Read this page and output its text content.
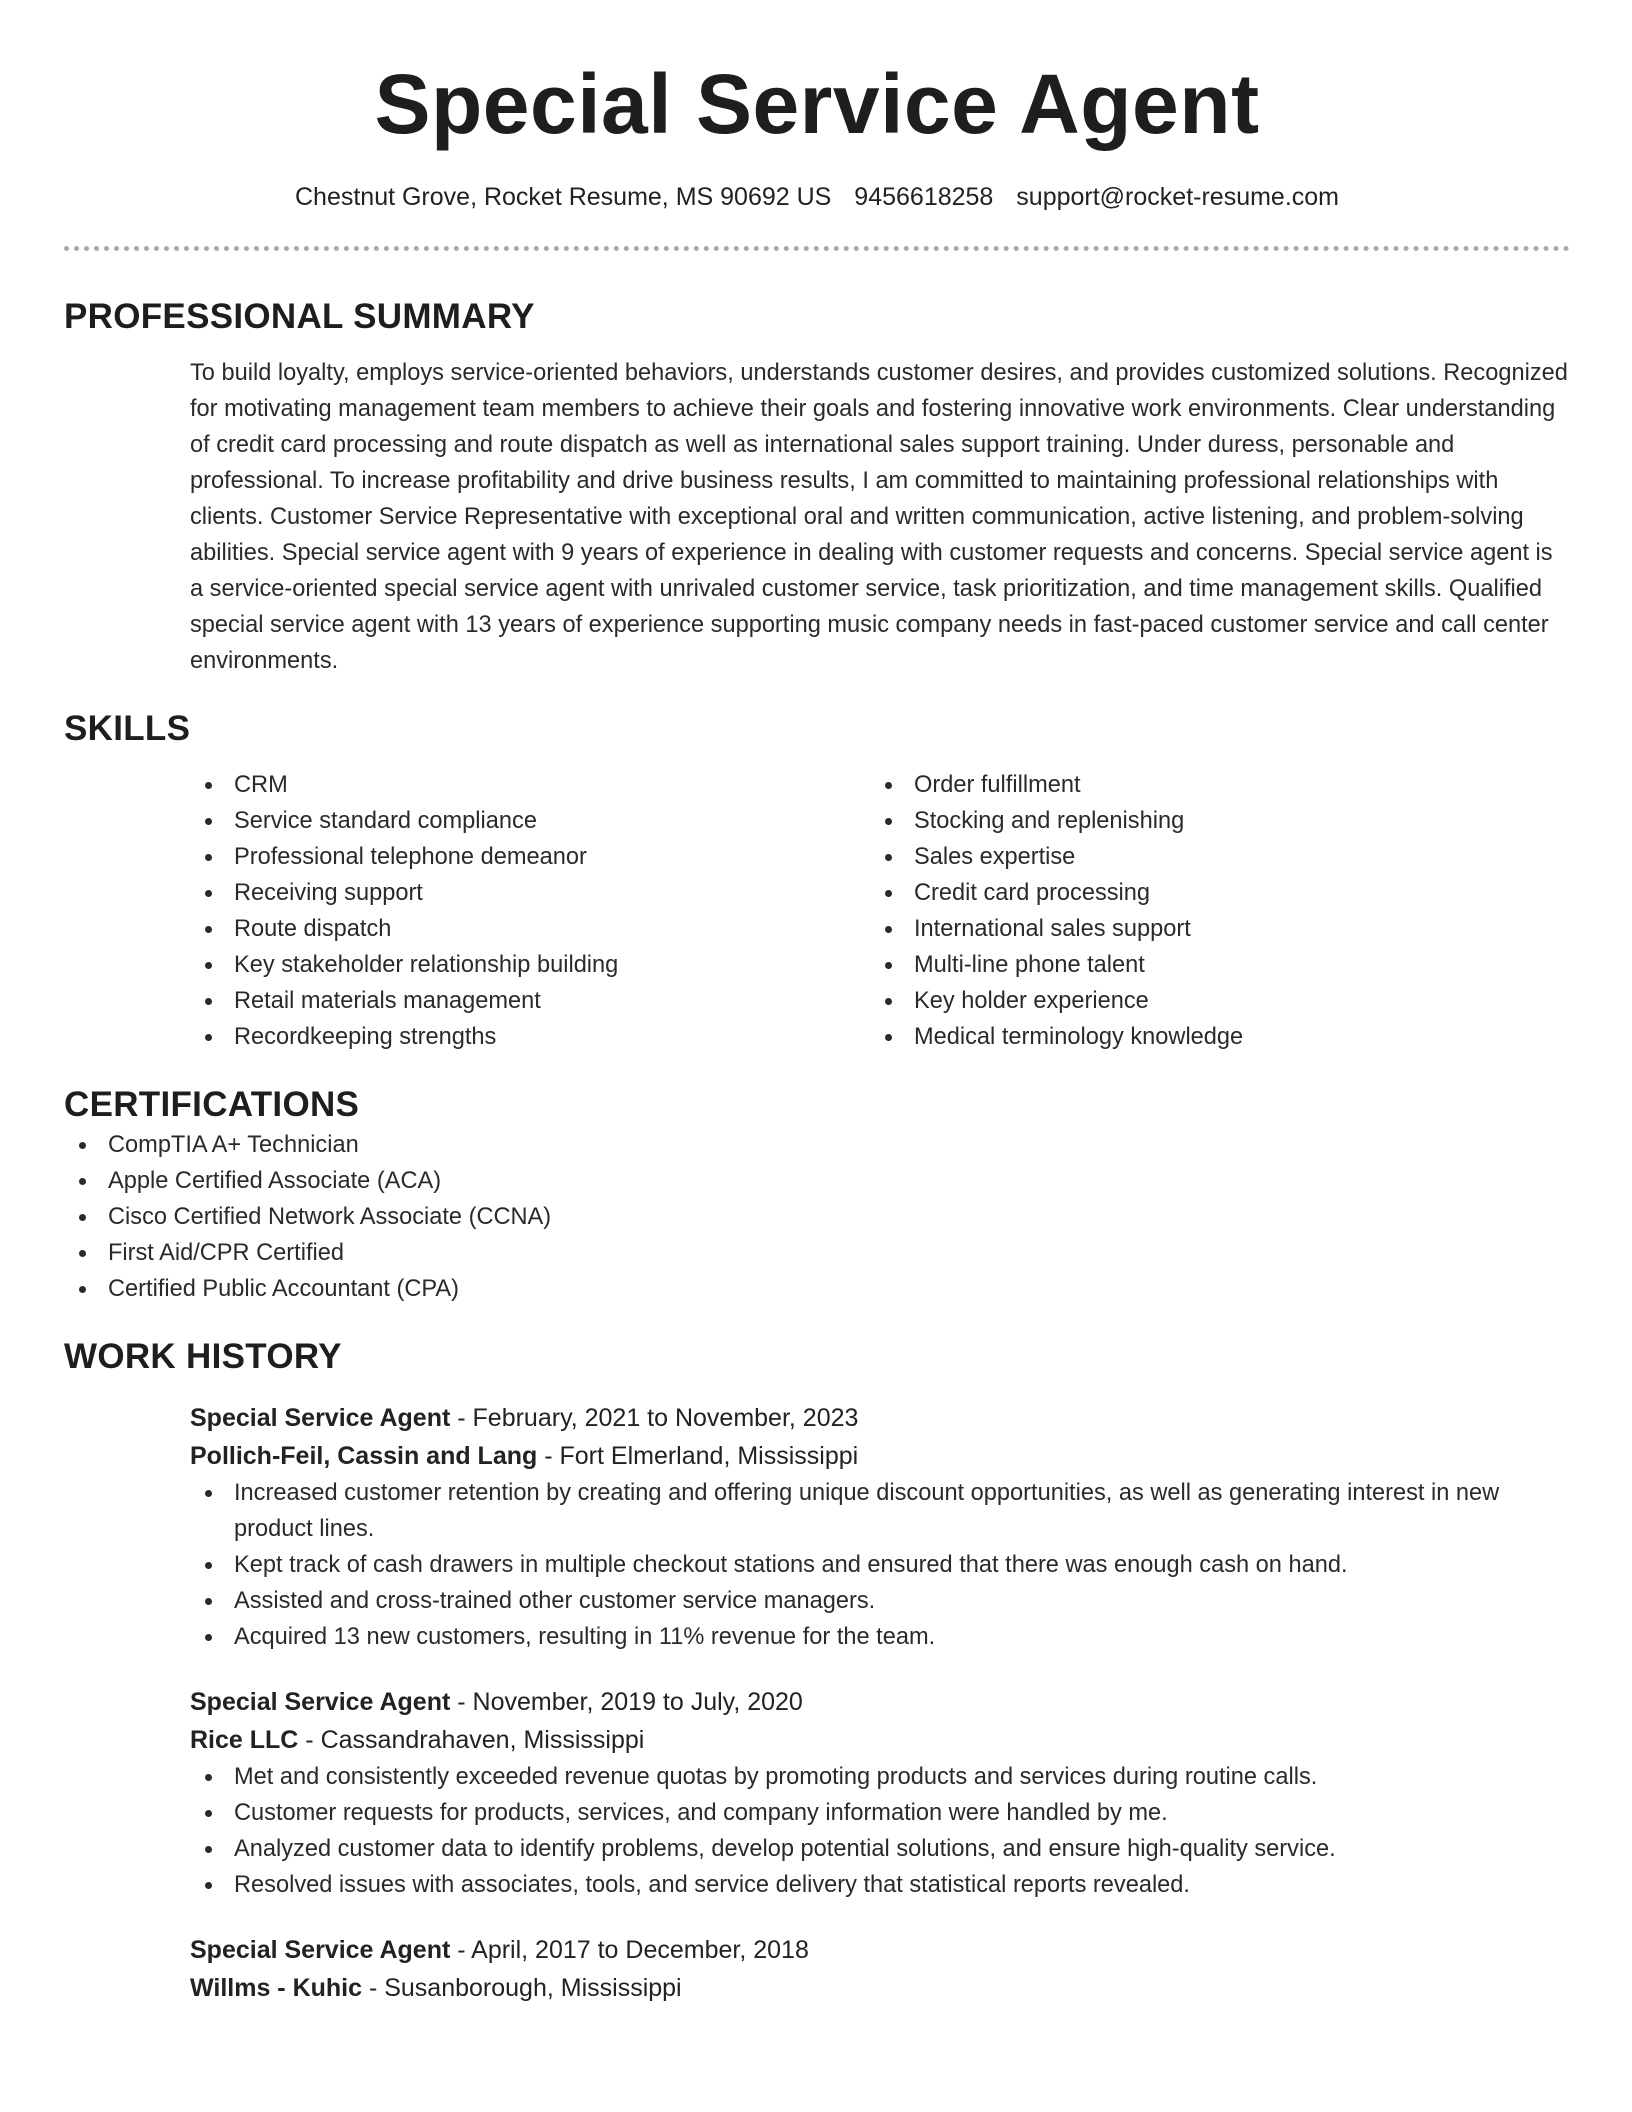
Special Service Agent
Chestnut Grove, Rocket Resume, MS 90692 US 9456618258 support@rocket-resume.com
PROFESSIONAL SUMMARY
To build loyalty, employs service-oriented behaviors, understands customer desires, and provides customized solutions. Recognized for motivating management team members to achieve their goals and fostering innovative work environments. Clear understanding of credit card processing and route dispatch as well as international sales support training. Under duress, personable and professional. To increase profitability and drive business results, I am committed to maintaining professional relationships with clients. Customer Service Representative with exceptional oral and written communication, active listening, and problem-solving abilities. Special service agent with 9 years of experience in dealing with customer requests and concerns. Special service agent is a service-oriented special service agent with unrivaled customer service, task prioritization, and time management skills. Qualified special service agent with 13 years of experience supporting music company needs in fast-paced customer service and call center environments.
SKILLS
CRM
Service standard compliance
Professional telephone demeanor
Receiving support
Route dispatch
Key stakeholder relationship building
Retail materials management
Recordkeeping strengths
Order fulfillment
Stocking and replenishing
Sales expertise
Credit card processing
International sales support
Multi-line phone talent
Key holder experience
Medical terminology knowledge
CERTIFICATIONS
CompTIA A+ Technician
Apple Certified Associate (ACA)
Cisco Certified Network Associate (CCNA)
First Aid/CPR Certified
Certified Public Accountant (CPA)
WORK HISTORY
Special Service Agent - February, 2021 to November, 2023
Pollich-Feil, Cassin and Lang - Fort Elmerland, Mississippi
Increased customer retention by creating and offering unique discount opportunities, as well as generating interest in new product lines.
Kept track of cash drawers in multiple checkout stations and ensured that there was enough cash on hand.
Assisted and cross-trained other customer service managers.
Acquired 13 new customers, resulting in 11% revenue for the team.
Special Service Agent - November, 2019 to July, 2020
Rice LLC - Cassandrahaven, Mississippi
Met and consistently exceeded revenue quotas by promoting products and services during routine calls.
Customer requests for products, services, and company information were handled by me.
Analyzed customer data to identify problems, develop potential solutions, and ensure high-quality service.
Resolved issues with associates, tools, and service delivery that statistical reports revealed.
Special Service Agent - April, 2017 to December, 2018
Willms - Kuhic - Susanborough, Mississippi
